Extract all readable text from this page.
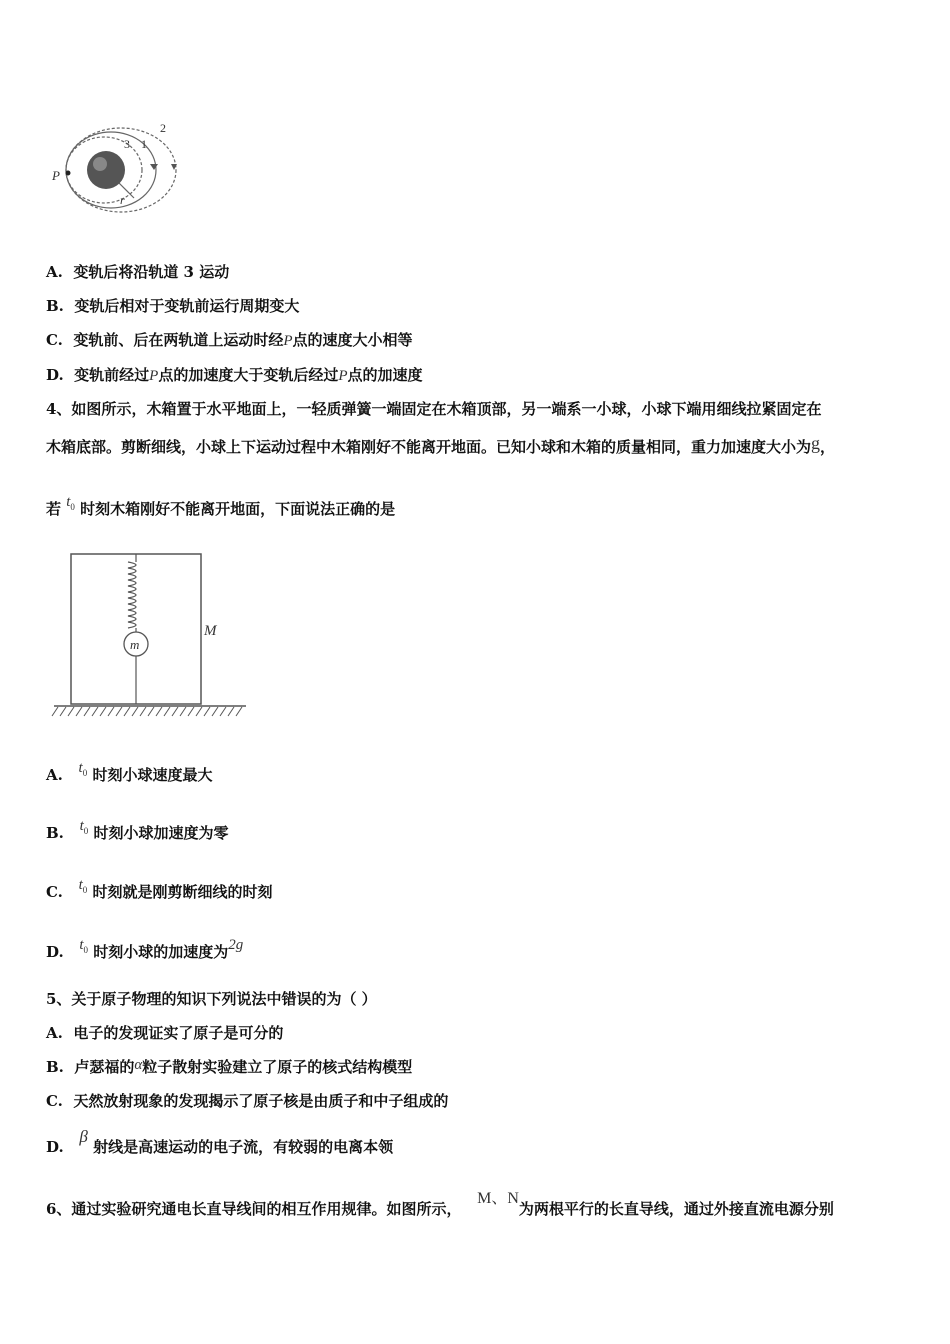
P
1
2
3
r
A. 变轨后将沿轨道 3 运动
B. 变轨后相对于变轨前运行周期变大
C. 变轨前、后在两轨道上运动时经P点的速度大小相等
D. 变轨前经过P点的加速度大于变轨后经过P点的加速度
4、如图所示，木箱置于水平地面上，一轻质弹簧一端固定在木箱顶部，另一端系一小球，小球下端用细线拉紧固定在
木箱底部。剪断细线，小球上下运动过程中木箱刚好不能离开地面。已知小球和木箱的质量相同，重力加速度大小为g，
若 $t_0$ 时刻木箱刚好不能离开地面，下面说法正确的是
m
M
A. $t_0$ 时刻小球速度最大
B. $t_0$ 时刻小球加速度为零
C. $t_0$ 时刻就是刚剪断细线的时刻
D. $t_0$ 时刻小球的加速度为2g
5、关于原子物理的知识下列说法中错误的为（ ）
A. 电子的发现证实了原子是可分的
B. 卢瑟福的α粒子散射实验建立了原子的核式结构模型
C. 天然放射现象的发现揭示了原子核是由质子和中子组成的
D.   β 射线是高速运动的电子流，有较弱的电离本领
6、通过实验研究通电长直导线间的相互作用规律。如图所示，   M、N为两根平行的长直导线，通过外接直流电源分别
